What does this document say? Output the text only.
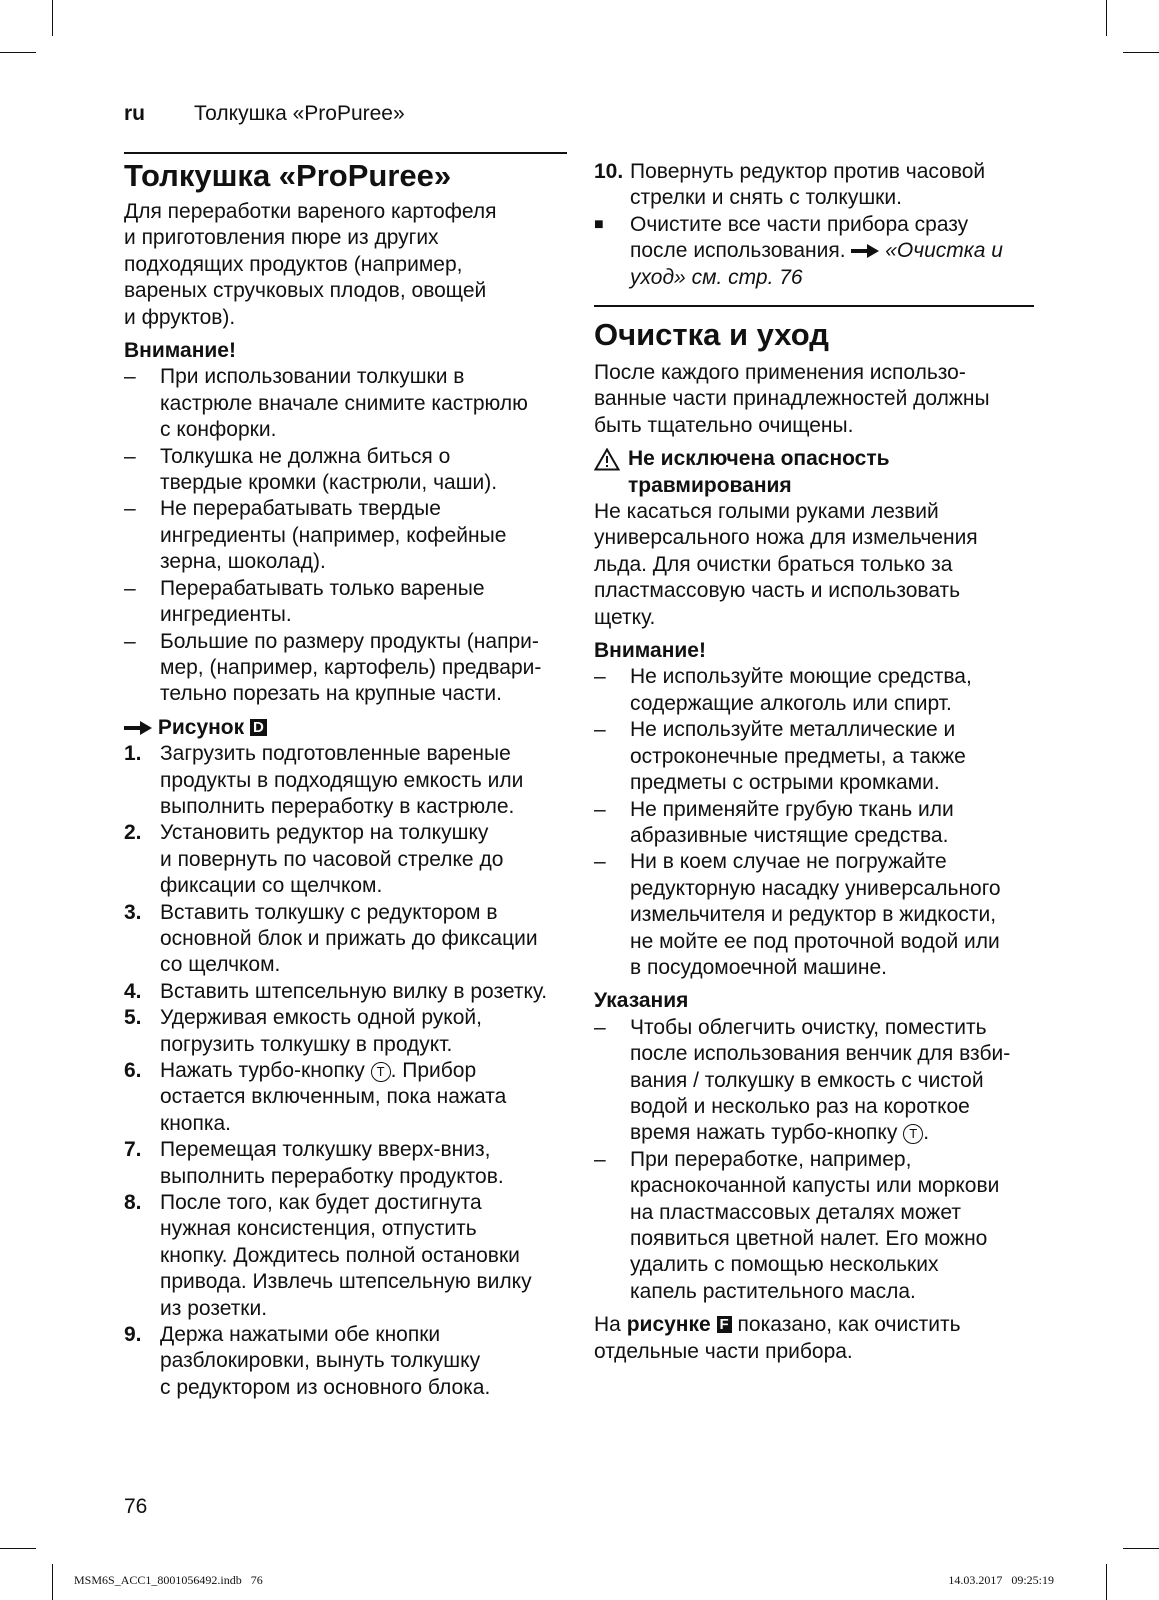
ru Толкушка «ProPuree»
Толкушка «ProPuree»
Для переработки вареного картофеля
и приготовления пюре из других
подходящих продуктов (например,
вареных стручковых плодов, овощей
и фруктов).
Внимание!
–	При использовании толкушки в
кастрюле вначале снимите кастрюлю
с конфорки.
–	Толкушка не должна биться о
твердые кромки (кастрюли, чаши).
–	Не перерабатывать твердые
ингредиенты (например, кофейные
зерна, шоколад).
–	Перерабатывать только вареные
ингредиенты.
–	Большие по размеру продукты (напри-
мер, (например, картофель) предвари-
тельно порезать на крупные части.
Рисунок D
1. Загрузить подготовленные вареные
продукты в подходящую емкость или
выполнить переработку в кастрюле.
2. Установить редуктор на толкушку
и повернуть по часовой стрелке до
фиксации со щелчком.
3. Вставить толкушку с редуктором в
основной блок и прижать до фиксации
со щелчком.
4. Вставить штепсельную вилку в розетку.
5. Удерживая емкость одной рукой,
погрузить толкушку в продукт.
6. Нажать турбо-кнопку T . Прибор
остается включенным, пока нажата
кнопка.
7. Перемещая толкушку вверх-вниз,
выполнить переработку продуктов.
8. После того, как будет достигнута
нужная консистенция, отпустить
кнопку. Дождитесь полной остановки
привода. Извлечь штепсельную вилку
из розетки.
9. Держа нажатыми обе кнопки
разблокировки, вынуть толкушку
с редуктором из основного блока.
10. Повернуть редуктор против часовой
стрелки и снять с толкушки.
■	Очистите все части прибора сразу
после использования. «Очистка и
уход» см. стр. 76
Очистка и уход
После каждого применения использо-
ванные части принадлежностей должны
быть тщательно очищены.
Не исключена опасность
травмирования
Не касаться голыми руками лезвий
универсального ножа для измельчения
льда. Для очистки браться только за
пластмассовую часть и использовать
щетку.
Внимание!
–	Не используйте моющие средства,
содержащие алкоголь или спирт.
–	Не используйте металлические и
остроконечные предметы, а также
предметы с острыми кромками.
–	Не применяйте грубую ткань или
абразивные чистящие средства.
–	Ни в коем случае не погружайте
редукторную насадку универсального
измельчителя и редуктор в жидкости,
не мойте ее под проточной водой или
в посудомоечной машине.
Указания
–	Чтобы облегчить очистку, поместить
после использования венчик для взби-
вания / толкушку в емкость с чистой
водой и несколько раз на короткое
время нажать турбо-кнопку T .
–	При переработке, например,
краснокочанной капусты или моркови
на пластмассовых деталях может
появиться цветной налет. Его можно
удалить с помощью нескольких
капель растительного масла.
На рисунке F показано, как очистить
отдельные части прибора.
76
MSM6S_ACC1_8001056492.indb   76	14.03.2017   09:25:19
